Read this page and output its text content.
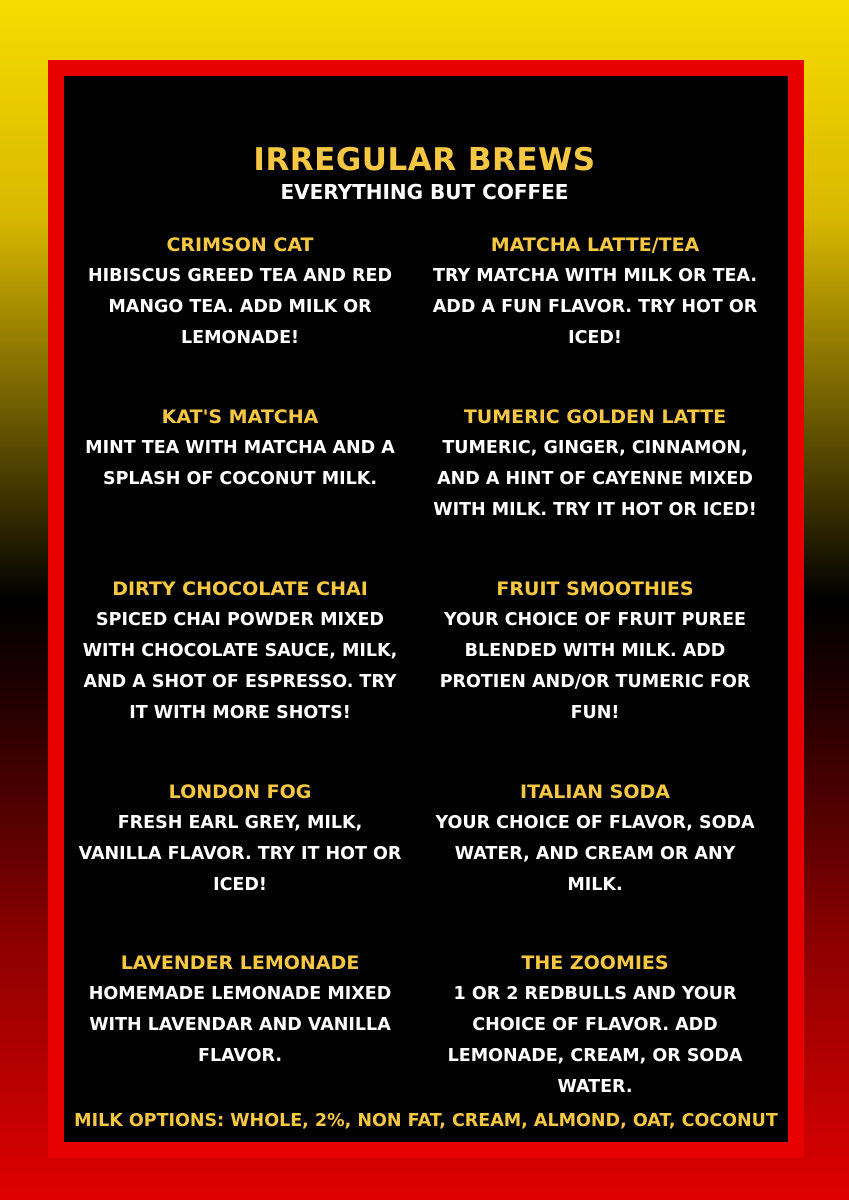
IRREGULAR BREWS
EVERYTHING BUT COFFEE
CRIMSON CAT
HIBISCUS GREED TEA AND RED MANGO TEA. ADD MILK OR LEMONADE!
MATCHA LATTE/TEA
TRY MATCHA WITH MILK OR TEA. ADD A FUN FLAVOR. TRY HOT OR ICED!
KAT'S MATCHA
MINT TEA WITH MATCHA AND A SPLASH OF COCONUT MILK.
TUMERIC GOLDEN LATTE
TUMERIC, GINGER, CINNAMON, AND A HINT OF CAYENNE MIXED WITH MILK. TRY IT HOT OR ICED!
DIRTY CHOCOLATE CHAI
SPICED CHAI POWDER MIXED WITH CHOCOLATE SAUCE, MILK, AND A SHOT OF ESPRESSO. TRY IT WITH MORE SHOTS!
FRUIT SMOOTHIES
YOUR CHOICE OF FRUIT PUREE BLENDED WITH MILK. ADD PROTIEN AND/OR TUMERIC FOR FUN!
LONDON FOG
FRESH EARL GREY, MILK, VANILLA FLAVOR. TRY IT HOT OR ICED!
ITALIAN SODA
YOUR CHOICE OF FLAVOR, SODA WATER, AND CREAM OR ANY MILK.
LAVENDER LEMONADE
HOMEMADE LEMONADE MIXED WITH LAVENDAR AND VANILLA FLAVOR.
THE ZOOMIES
1 OR 2 REDBULLS AND YOUR CHOICE OF FLAVOR. ADD LEMONADE, CREAM, OR SODA WATER.
MILK OPTIONS: WHOLE, 2%, NON FAT, CREAM, ALMOND, OAT, COCONUT
